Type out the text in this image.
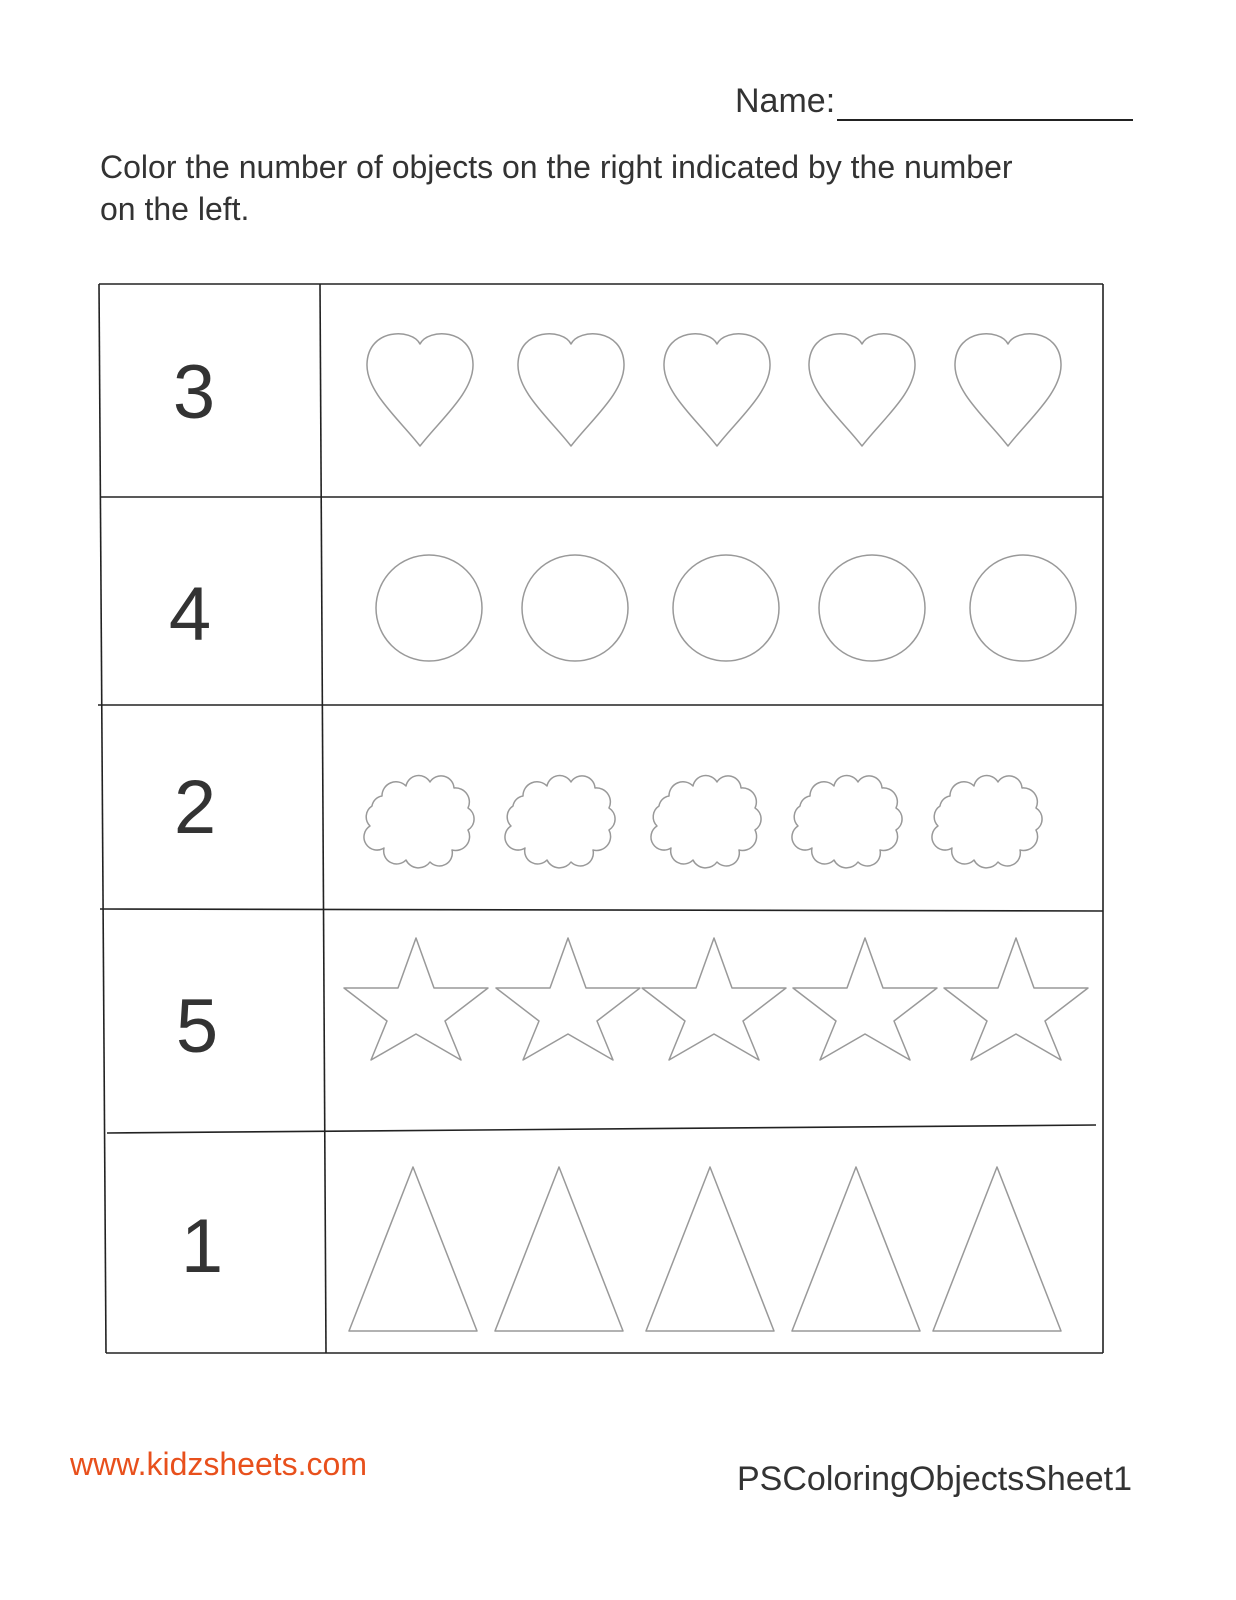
Name:
Color the number of objects on the right indicated by the number on the left.
3
4
2
5
1
www.kidzsheets.com	PSColoringObjectsSheet1
